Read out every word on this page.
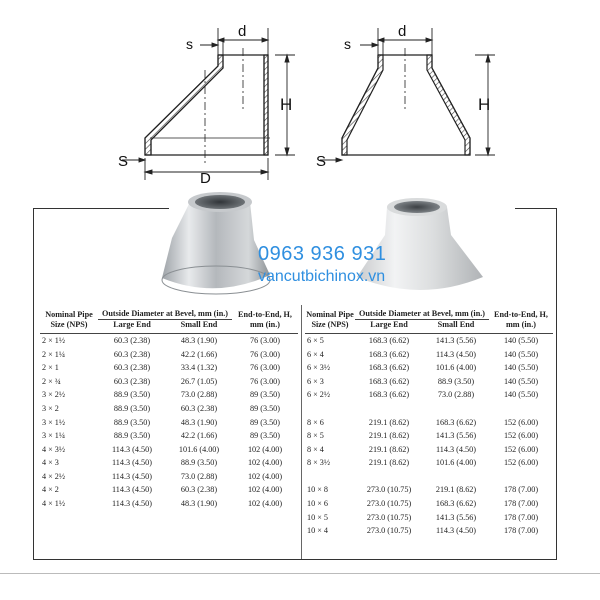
s
d
H
S
D
s
d
H
S
0963 936 931
vancutbichinox.vn
Nominal Pipe Size (NPS)	Outside Diameter at Bevel, mm (in.)		End-to-End, H, mm (in.)
	Large End	Small End	

2 × 1½	60.3 (2.38)	48.3 (1.90)	76 (3.00)
2 × 1¼	60.3 (2.38)	42.2 (1.66)	76 (3.00)
2 × 1	60.3 (2.38)	33.4 (1.32)	76 (3.00)
2 × ¾	60.3 (2.38)	26.7 (1.05)	76 (3.00)
3 × 2½	88.9 (3.50)	73.0 (2.88)	89 (3.50)
3 × 2	88.9 (3.50)	60.3 (2.38)	89 (3.50)
3 × 1½	88.9 (3.50)	48.3 (1.90)	89 (3.50)
3 × 1¼	88.9 (3.50)	42.2 (1.66)	89 (3.50)
4 × 3½	114.3 (4.50)	101.6 (4.00)	102 (4.00)
4 × 3	114.3 (4.50)	88.9 (3.50)	102 (4.00)
4 × 2½	114.3 (4.50)	73.0 (2.88)	102 (4.00)
4 × 2	114.3 (4.50)	60.3 (2.38)	102 (4.00)
4 × 1½	114.3 (4.50)	48.3 (1.90)	102 (4.00)
Nominal Pipe Size (NPS)	Outside Diameter at Bevel, mm (in.)		End-to-End, H, mm (in.)
	Large End	Small End	

6 × 5	168.3 (6.62)	141.3 (5.56)	140 (5.50)
6 × 4	168.3 (6.62)	114.3 (4.50)	140 (5.50)
6 × 3½	168.3 (6.62)	101.6 (4.00)	140 (5.50)
6 × 3	168.3 (6.62)	88.9 (3.50)	140 (5.50)
6 × 2½	168.3 (6.62)	73.0 (2.88)	140 (5.50)

8 × 6	219.1 (8.62)	168.3 (6.62)	152 (6.00)
8 × 5	219.1 (8.62)	141.3 (5.56)	152 (6.00)
8 × 4	219.1 (8.62)	114.3 (4.50)	152 (6.00)
8 × 3½	219.1 (8.62)	101.6 (4.00)	152 (6.00)

10 × 8	273.0 (10.75)	219.1 (8.62)	178 (7.00)
10 × 6	273.0 (10.75)	168.3 (6.62)	178 (7.00)
10 × 5	273.0 (10.75)	141.3 (5.56)	178 (7.00)
10 × 4	273.0 (10.75)	114.3 (4.50)	178 (7.00)
